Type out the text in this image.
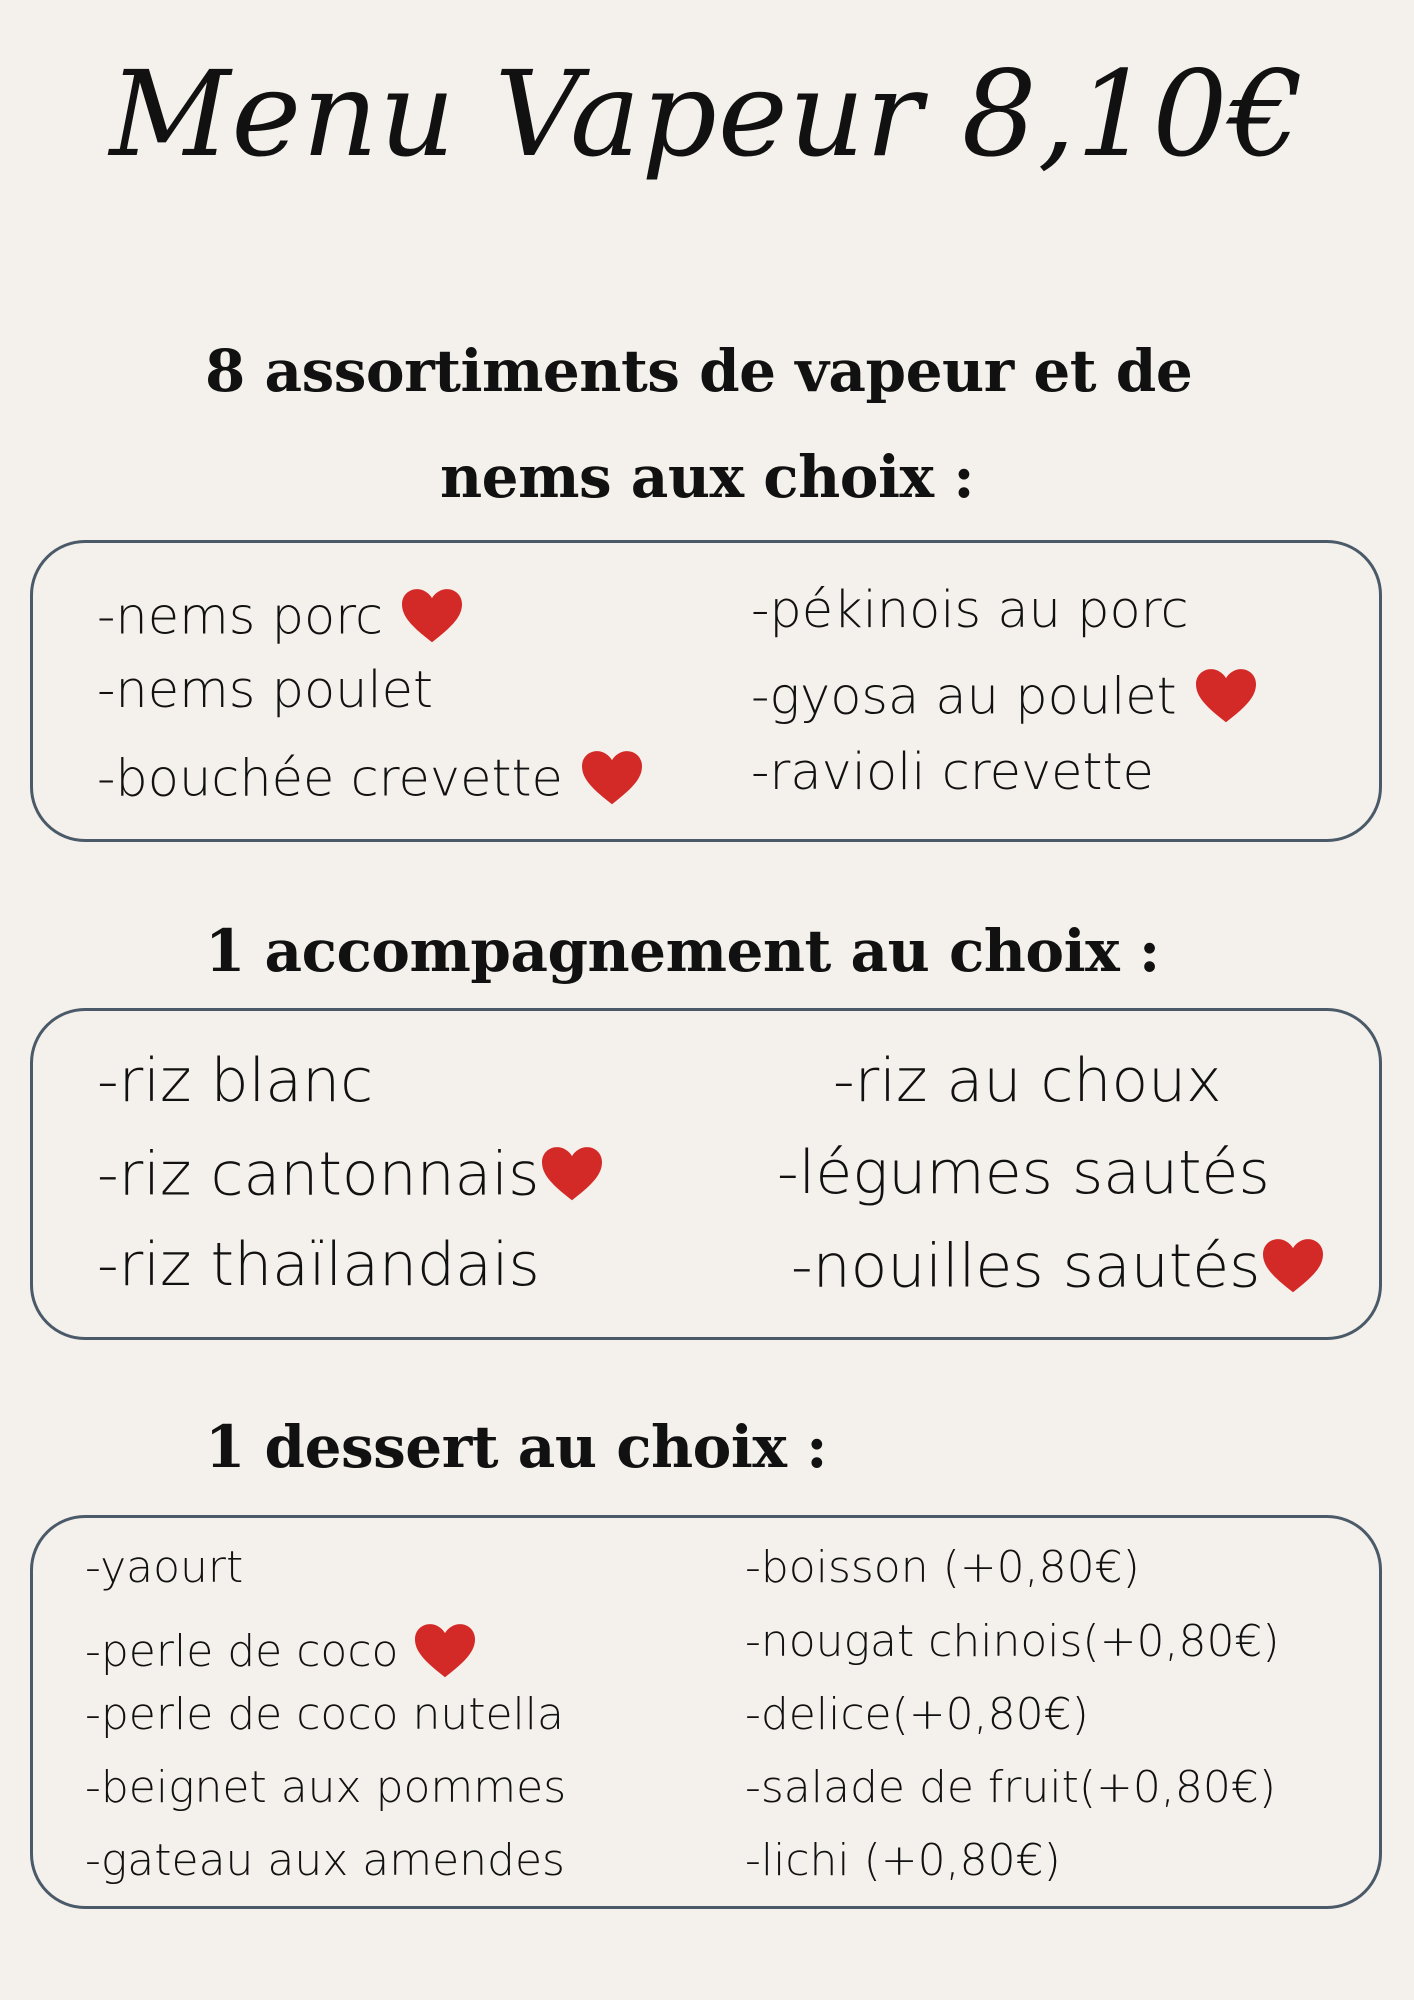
Menu Vapeur 8,10€
8 assortiments de vapeur et de
nems aux choix :
-nems porc
-nems poulet
-bouchée crevette
-pékinois au porc
-gyosa au poulet
-ravioli crevette
1 accompagnement au choix :
-riz blanc
-riz cantonnais
-riz thaïlandais
-riz au choux
-légumes sautés
-nouilles sautés
1 dessert au choix :
-yaourt
-perle de coco
-perle de coco nutella
-beignet aux pommes
-gateau aux amendes
-boisson (+0,80€)
-nougat chinois(+0,80€)
-delice(+0,80€)
-salade de fruit(+0,80€)
-lichi (+0,80€)
